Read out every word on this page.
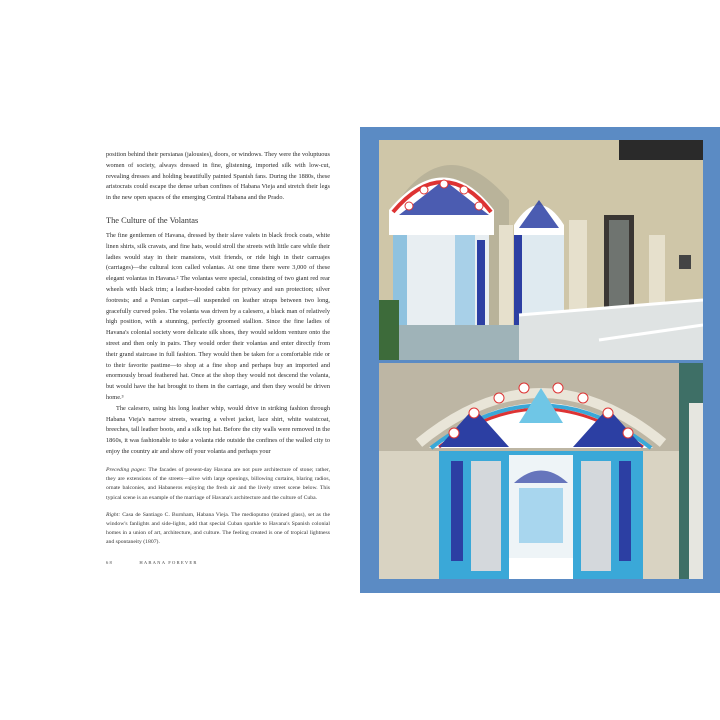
position behind their persianas (jalousies), doors, or windows. They were the voluptuous women of society, always dressed in fine, glistening, imported silk with low-cut, revealing dresses and holding beautifully painted Spanish fans. During the 1880s, these aristocrats could escape the dense urban confines of Habana Vieja and stretch their legs in the new open spaces of the emerging Central Habana and the Prado.

The Culture of the Volantas

The fine gentlemen of Havana, dressed by their slave valets in black frock coats, white linen shirts, silk cravats, and fine hats, would stroll the streets with little care while their ladies would stay in their mansions, visit friends, or ride high in their carruajes (carriages)—the cultural icon called volantas. At one time there were 3,000 of these elegant volantas in Havana.² The volantas were special, consisting of two giant red rear wheels with black trim; a leather-hooded cabin for privacy and sun protection; silver footrests; and a Persian carpet—all suspended on leather straps between two long, gracefully curved poles. The volanta was driven by a calesero, a black man of relatively high position, with a stunning, perfectly groomed stallion. Since the fine ladies of Havana's colonial society wore delicate silk shoes, they would seldom venture onto the street and then only in pairs. They would order their volantas and enter directly from their grand staircase in full fashion. They would then be taken for a comfortable ride or to their favorite pastime—to shop at a fine shop and perhaps buy an imported and enormously broad feathered hat. Once at the shop they would not descend the volanta, but would have the hat brought to them in the carriage, and then they would be driven home.³

The calesero, using his long leather whip, would drive in striking fashion through Habana Vieja's narrow streets, wearing a velvet jacket, lace shirt, white waistcoat, breeches, tall leather boots, and a silk top hat. Before the city walls were removed in the 1860s, it was fashionable to take a volanta ride outside the confines of the walled city to enjoy the country air and show off your volanta and perhaps your

Preceding pages: The facades of present-day Havana are not pure architecture of stone; rather, they are extensions of the streets—alive with large openings, billowing curtains, blaring radios, ornate balconies, and Habaneros enjoying the fresh air and the lively street scene below. This typical scene is an example of the marriage of Havana's architecture and the culture of Cuba.

Right: Casa de Santiago C. Burnham, Habana Vieja. The medioputno (stained glass), set as the window's fanlights and side-lights, add that special Cuban sparkle to Havana's Spanish colonial homes in a union of art, architecture, and culture. The feeling created is one of tropical lightness and spontaneity (1807).

68	HABANA FOREVER
